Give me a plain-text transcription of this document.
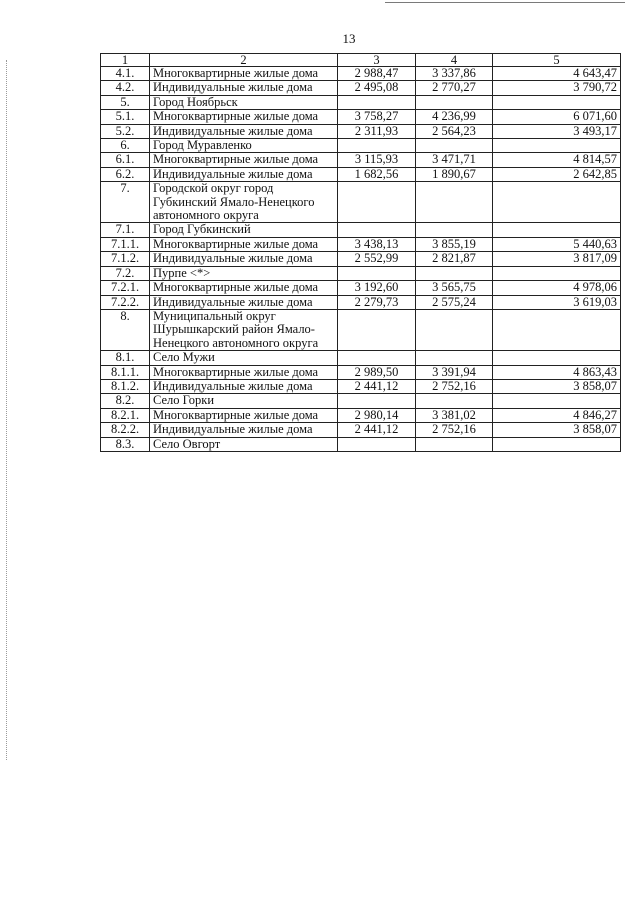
13
1	2	3	4	5
4.1.	Многоквартирные жилые дома	2 988,47	3 337,86	4 643,47
4.2.	Индивидуальные жилые дома	2 495,08	2 770,27	3 790,72
5.	Город Ноябрьск			
5.1.	Многоквартирные жилые дома	3 758,27	4 236,99	6 071,60
5.2.	Индивидуальные жилые дома	2 311,93	2 564,23	3 493,17
6.	Город Муравленко			
6.1.	Многоквартирные жилые дома	3 115,93	3 471,71	4 814,57
6.2.	Индивидуальные жилые дома	1 682,56	1 890,67	2 642,85
7.	Городской округ город Губкинский Ямало-Ненецкого автономного округа			
7.1.	Город Губкинский			
7.1.1.	Многоквартирные жилые дома	3 438,13	3 855,19	5 440,63
7.1.2.	Индивидуальные жилые дома	2 552,99	2 821,87	3 817,09
7.2.	Пурпе <*>			
7.2.1.	Многоквартирные жилые дома	3 192,60	3 565,75	4 978,06
7.2.2.	Индивидуальные жилые дома	2 279,73	2 575,24	3 619,03
8.	Муниципальный округ Шурышкарский район Ямало-Ненецкого автономного округа			
8.1.	Село Мужи			
8.1.1.	Многоквартирные жилые дома	2 989,50	3 391,94	4 863,43
8.1.2.	Индивидуальные жилые дома	2 441,12	2 752,16	3 858,07
8.2.	Село Горки			
8.2.1.	Многоквартирные жилые дома	2 980,14	3 381,02	4 846,27
8.2.2.	Индивидуальные жилые дома	2 441,12	2 752,16	3 858,07
8.3.	Село Овгорт			
